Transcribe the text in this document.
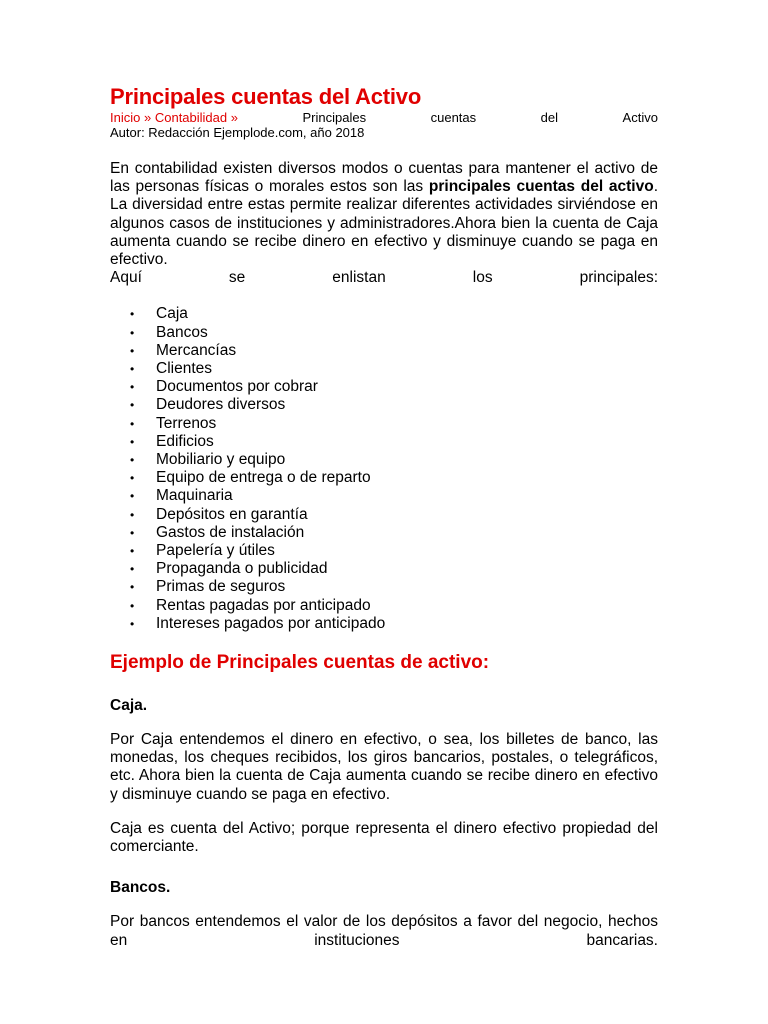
Principales cuentas del Activo
Inicio » Contabilidad »	Principales	cuentas	del	Activo
Autor: Redacción Ejemplode.com, año 2018

En contabilidad existen diversos modos o cuentas para mantener el activo de las personas físicas o morales estos son las principales cuentas del activo. La diversidad entre estas permite realizar diferentes actividades sirviéndose en algunos casos de instituciones y administradores.Ahora bien la cuenta de Caja aumenta cuando se recibe dinero en efectivo y disminuye cuando se paga en efectivo.
Aquí se enlistan los principales:

• Caja
• Bancos
• Mercancías
• Clientes
• Documentos por cobrar
• Deudores diversos
• Terrenos
• Edificios
• Mobiliario y equipo
• Equipo de entrega o de reparto
• Maquinaria
• Depósitos en garantía
• Gastos de instalación
• Papelería y útiles
• Propaganda o publicidad
• Primas de seguros
• Rentas pagadas por anticipado
• Intereses pagados por anticipado
Ejemplo de Principales cuentas de activo:
Caja.

Por Caja entendemos el dinero en efectivo, o sea, los billetes de banco, las monedas, los cheques recibidos, los giros bancarios, postales, o telegráficos, etc. Ahora bien la cuenta de Caja aumenta cuando se recibe dinero en efectivo y disminuye cuando se paga en efectivo.

Caja es cuenta del Activo; porque representa el dinero efectivo propiedad del comerciante.

Bancos.

Por bancos entendemos el valor de los depósitos a favor del negocio, hechos en instituciones bancarias.
